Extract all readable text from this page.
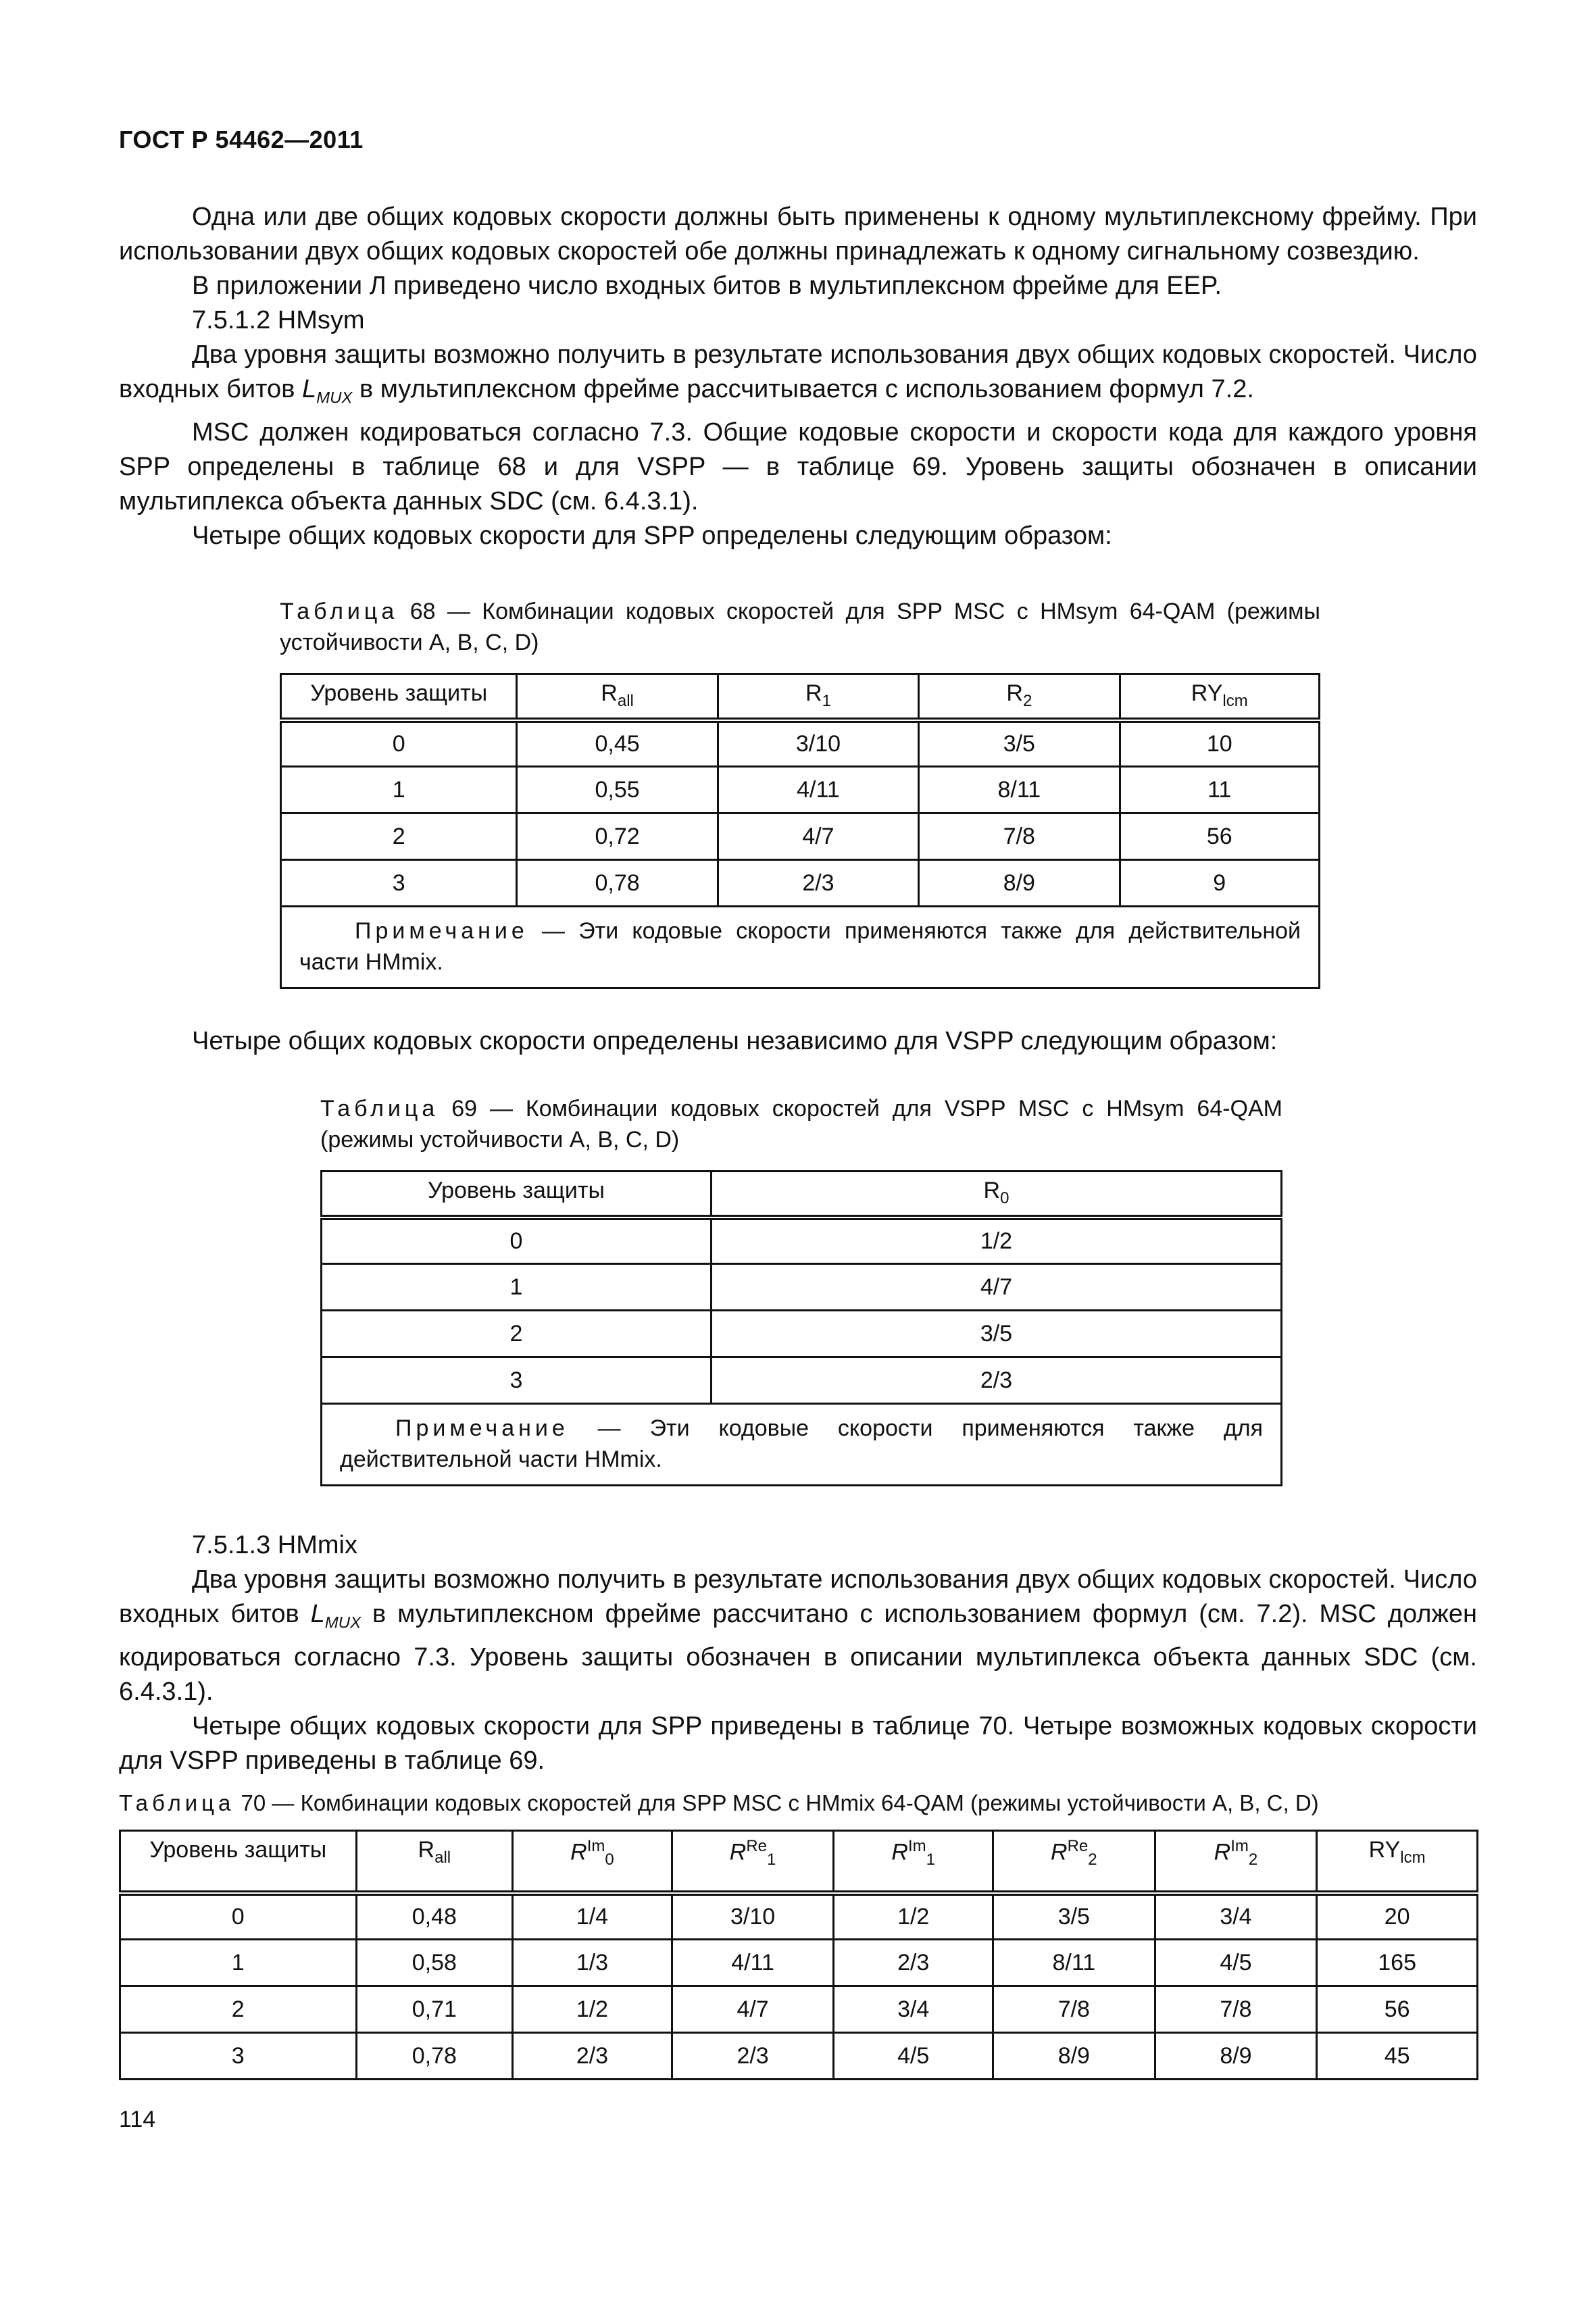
ГОСТ Р 54462—2011

Одна или две общих кодовых скорости должны быть применены к одному мультиплексному фрейму. При использовании двух общих кодовых скоростей обе должны принадлежать к одному сигнальному созвездию.

В приложении Л приведено число входных битов в мультиплексном фрейме для EEP.

7.5.1.2 HMsym

Два уровня защиты возможно получить в результате использования двух общих кодовых скоростей. Число входных битов $L_{MUX}$ в мультиплексном фрейме рассчитывается с использованием формул 7.2.

MSC должен кодироваться согласно 7.3. Общие кодовые скорости и скорости кода для каждого уровня SPP определены в таблице 68 и для VSPP — в таблице 69. Уровень защиты обозначен в описании мультиплекса объекта данных SDC (см. 6.4.3.1).

Четыре общих кодовых скорости для SPP определены следующим образом:

Таблица 68 — Комбинации кодовых скоростей для SPP MSC с HMsym 64-QAM (режимы устойчивости A, B, C, D)
Уровень защиты	$R_{all}$	$R_1$	$R_2$	$RY_{lcm}$
0	0,45	3/10	3/5	10
1	0,55	4/11	8/11	11
2	0,72	4/7	7/8	56
3	0,78	2/3	8/9	9
Примечание — Эти кодовые скорости применяются также для действительной части HMmix.				

Четыре общих кодовых скорости определены независимо для VSPP следующим образом:

Таблица 69 — Комбинации кодовых скоростей для VSPP MSC с HMsym 64-QAM (режимы устойчивости A, B, C, D)
Уровень защиты	$R_0$
0	1/2
1	4/7
2	3/5
3	2/3
Примечание — Эти кодовые скорости применяются также для действительной части HMmix.	

7.5.1.3 HMmix

Два уровня защиты возможно получить в результате использования двух общих кодовых скоростей. Число входных битов $L_{MUX}$ в мультиплексном фрейме рассчитано с использованием формул (см. 7.2). MSC должен кодироваться согласно 7.3. Уровень защиты обозначен в описании мультиплекса объекта данных SDC (см. 6.4.3.1).

Четыре общих кодовых скорости для SPP приведены в таблице 70. Четыре возможных кодовых скорости для VSPP приведены в таблице 69.

Таблица 70 — Комбинации кодовых скоростей для SPP MSC с HMmix 64-QAM (режимы устойчивости A, B, C, D)
Уровень защиты	$R_{all}$	$R^{Im}_0$	$R^{Re}_1$	$R^{Im}_1$	$R^{Re}_2$	$R^{Im}_2$	$RY_{lcm}$
0	0,48	1/4	3/10	1/2	3/5	3/4	20
1	0,58	1/3	4/11	2/3	8/11	4/5	165
2	0,71	1/2	4/7	3/4	7/8	7/8	56
3	0,78	2/3	2/3	4/5	8/9	8/9	45
114
